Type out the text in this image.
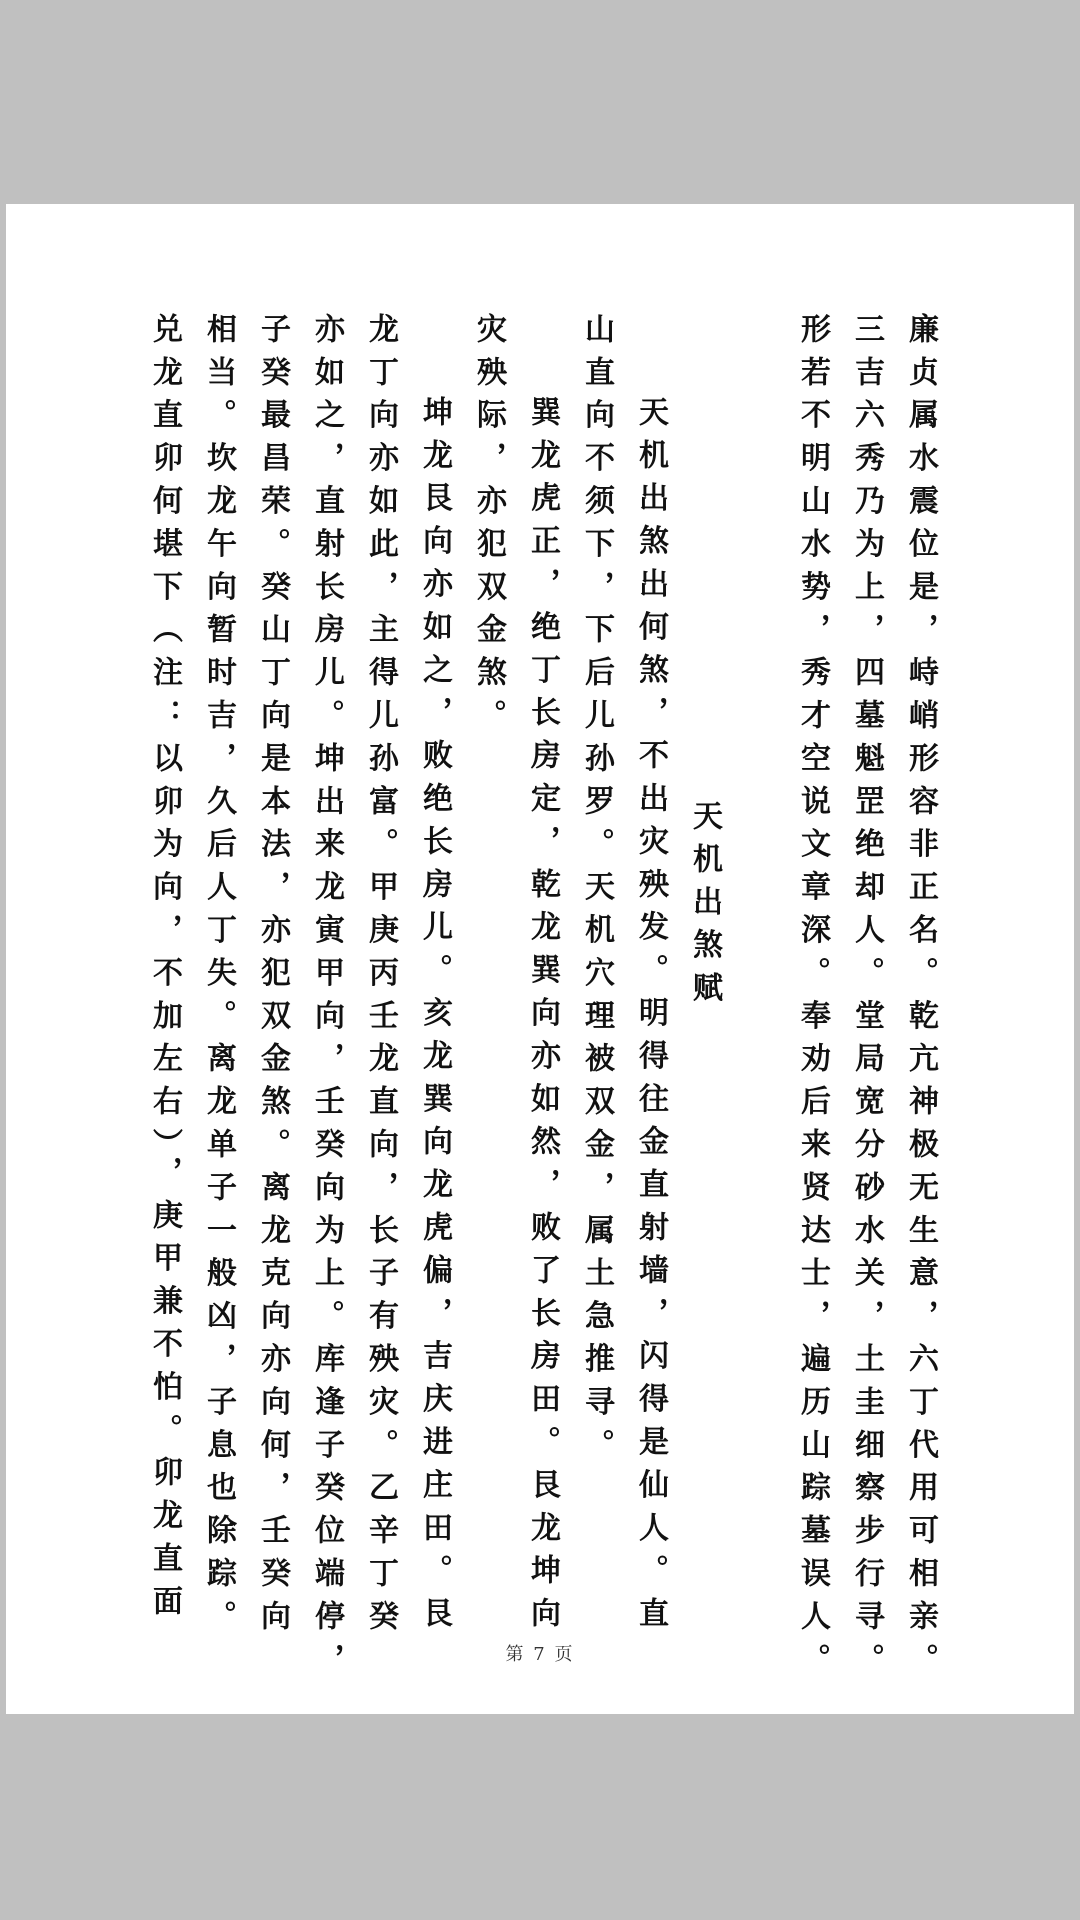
廉贞属水震位是，峙峭形容非正名。乾亢神极无生意，六丁代用可相亲。
三吉六秀乃为上，四墓魁罡绝却人。堂局宽分砂水关，土圭细察步行寻。
形若不明山水势，秀才空说文章深。奉劝后来贤达士，遍历山踪墓误人。
天机出煞赋
天机出煞出何煞，不出灾殃发。明得往金直射墙，闪得是仙人。直
山直向不须下，下后儿孙罗。天机穴理被双金，属土急推寻。
巽龙虎正，绝丁长房定，乾龙巽向亦如然，败了长房田。艮龙坤向
灾殃际，亦犯双金煞。
坤龙艮向亦如之，败绝长房儿。亥龙巽向龙虎偏，吉庆进庄田。艮
龙丁向亦如此，主得儿孙富。甲庚丙壬龙直向，长子有殃灾。乙辛丁癸
亦如之，直射长房儿。坤出来龙寅甲向，壬癸向为上。库逢子癸位端停，
子癸最昌荣。癸山丁向是本法，亦犯双金煞。离龙克向亦向何，壬癸向
相当。坎龙午向暂时吉，久后人丁失。离龙单子一般凶，子息也除踪。
兑龙直卯何堪下（注：以卯为向，不加左右），庚甲兼不怕。卯龙直面
第 7 页
